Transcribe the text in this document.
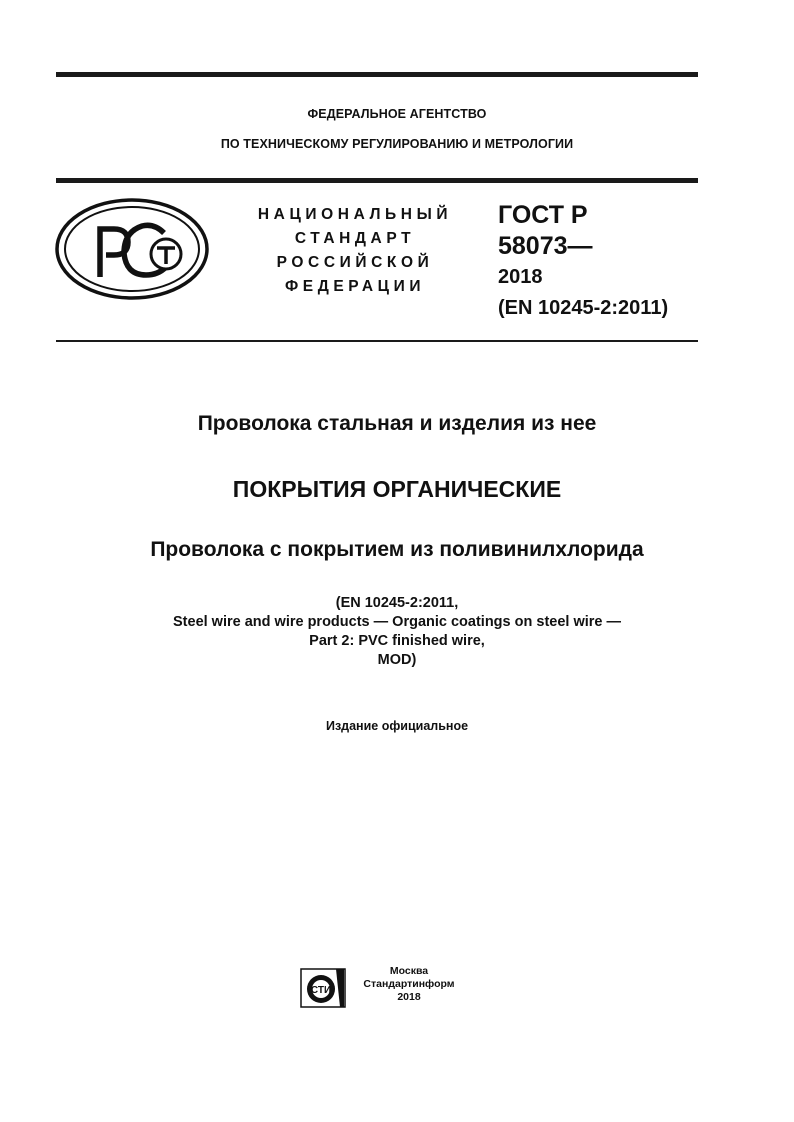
ФЕДЕРАЛЬНОЕ АГЕНТСТВО
ПО ТЕХНИЧЕСКОМУ РЕГУЛИРОВАНИЮ И МЕТРОЛОГИИ
НАЦИОНАЛЬНЫЙ
СТАНДАРТ
РОССИЙСКОЙ
ФЕДЕРАЦИИ
ГОСТ Р
58073—
2018
(EN 10245-2:2011)
Проволока стальная и изделия из нее
ПОКРЫТИЯ ОРГАНИЧЕСКИЕ
Проволока с покрытием из поливинилхлорида
(EN 10245-2:2011,
Steel wire and wire products — Organic coatings on steel wire —
Part 2: PVC finished wire,
MOD)
Издание официальное
СТИ
Москва
Стандартинформ
2018
